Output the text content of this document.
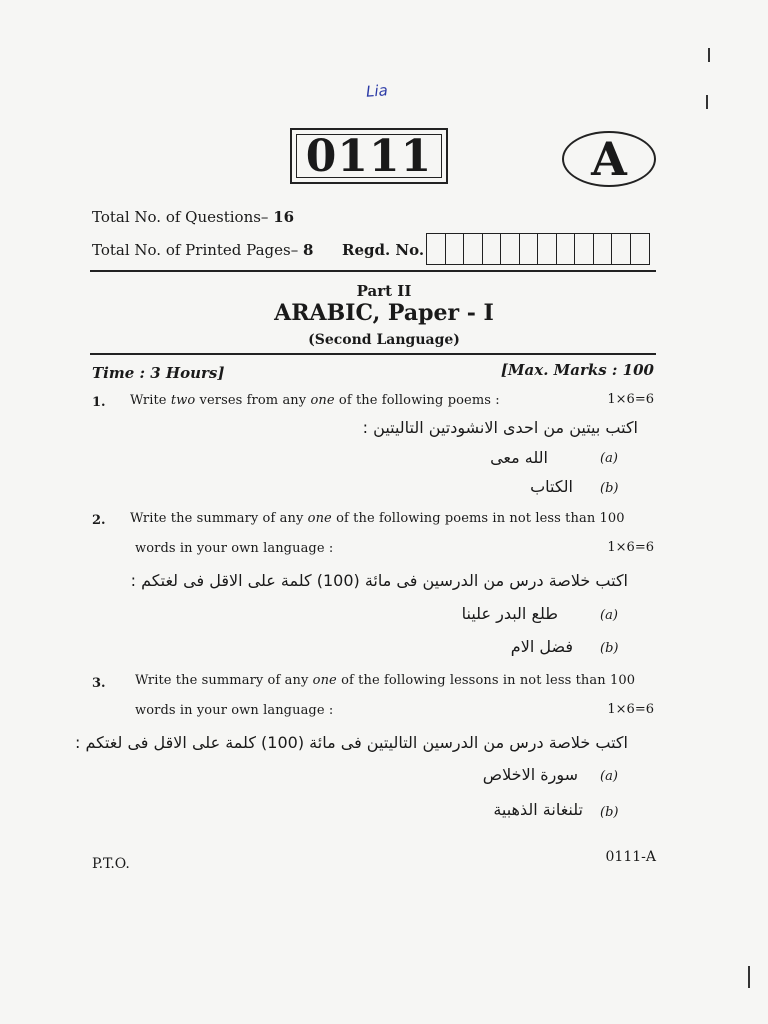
Lia
0111	A
Total No. of Questions– 16
Total No. of Printed Pages– 8 Regd. No.
Part II
ARABIC, Paper - I
(Second Language)
Time : 3 Hours]	[Max. Marks : 100
1. Write two verses from any one of the following poems :	1×6=6
اكتب بيتين من احدى الانشودتين التاليتين :
(a)
الله معى
(b)
الكتاب
2. Write the summary of any one of the following poems in not less than 100
words in your own language :	1×6=6
اكتب خلاصة درس من الدرسين فى مائة (100) كلمة على الاقل فى لغتكم :
(a)
طلع البدر علينا
(b)
فضل الام
3. Write the summary of any one of the following lessons in not less than 100
words in your own language :	1×6=6
اكتب خلاصة درس من الدرسين التاليتين فى مائة (100) كلمة على الاقل فى لغتكم :
(a)
سورة الاخلاص
(b)
تلنغانة الذهبية
P.T.O.	0111-A
